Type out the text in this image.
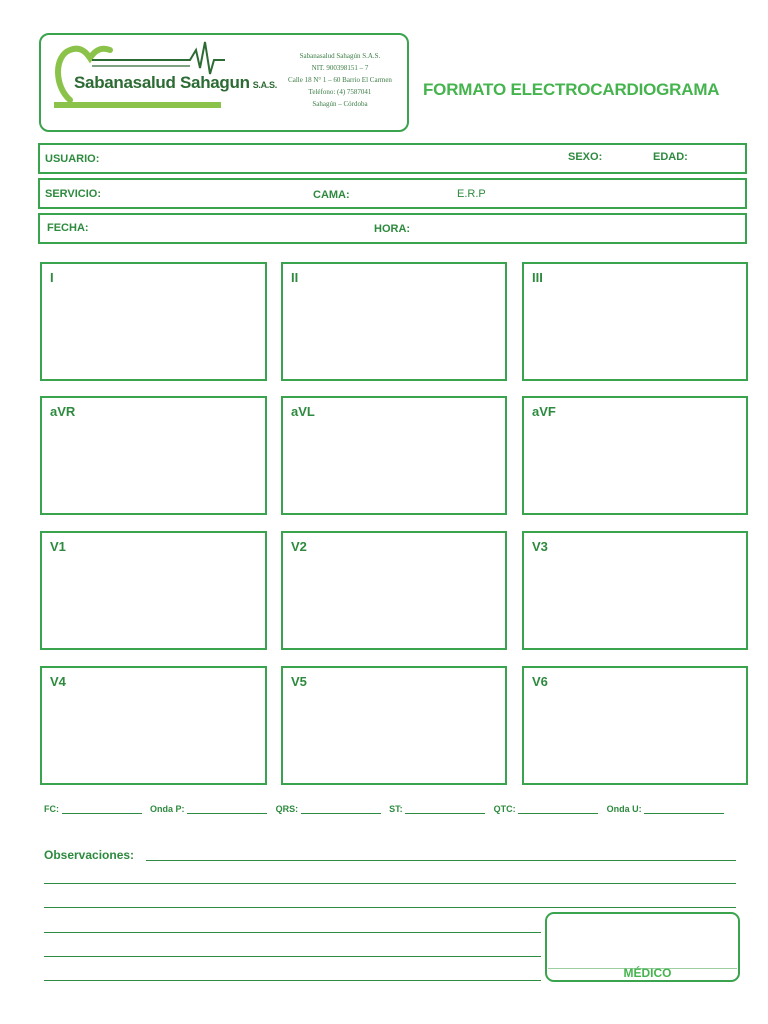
Sabanasalud Sahagun S.A.S.
Sabanasalud Sahagún S.A.S.
NIT. 900398151 – 7
Calle 18 N° 1 – 60 Barrio El Carmen
Teléfono: (4) 7587041
Sahagún – Córdoba
FORMATO ELECTROCARDIOGRAMA
USUARIO:	SEXO:	EDAD:
SERVICIO:	CAMA:	E.R.P
FECHA:	HORA:
I	II	III
aVR	aVL	aVF
V1	V2	V3
V4	V5	V6
FC:	Onda P:	QRS:	ST:	QTC:	Onda U:
Observaciones:
MÉDICO
